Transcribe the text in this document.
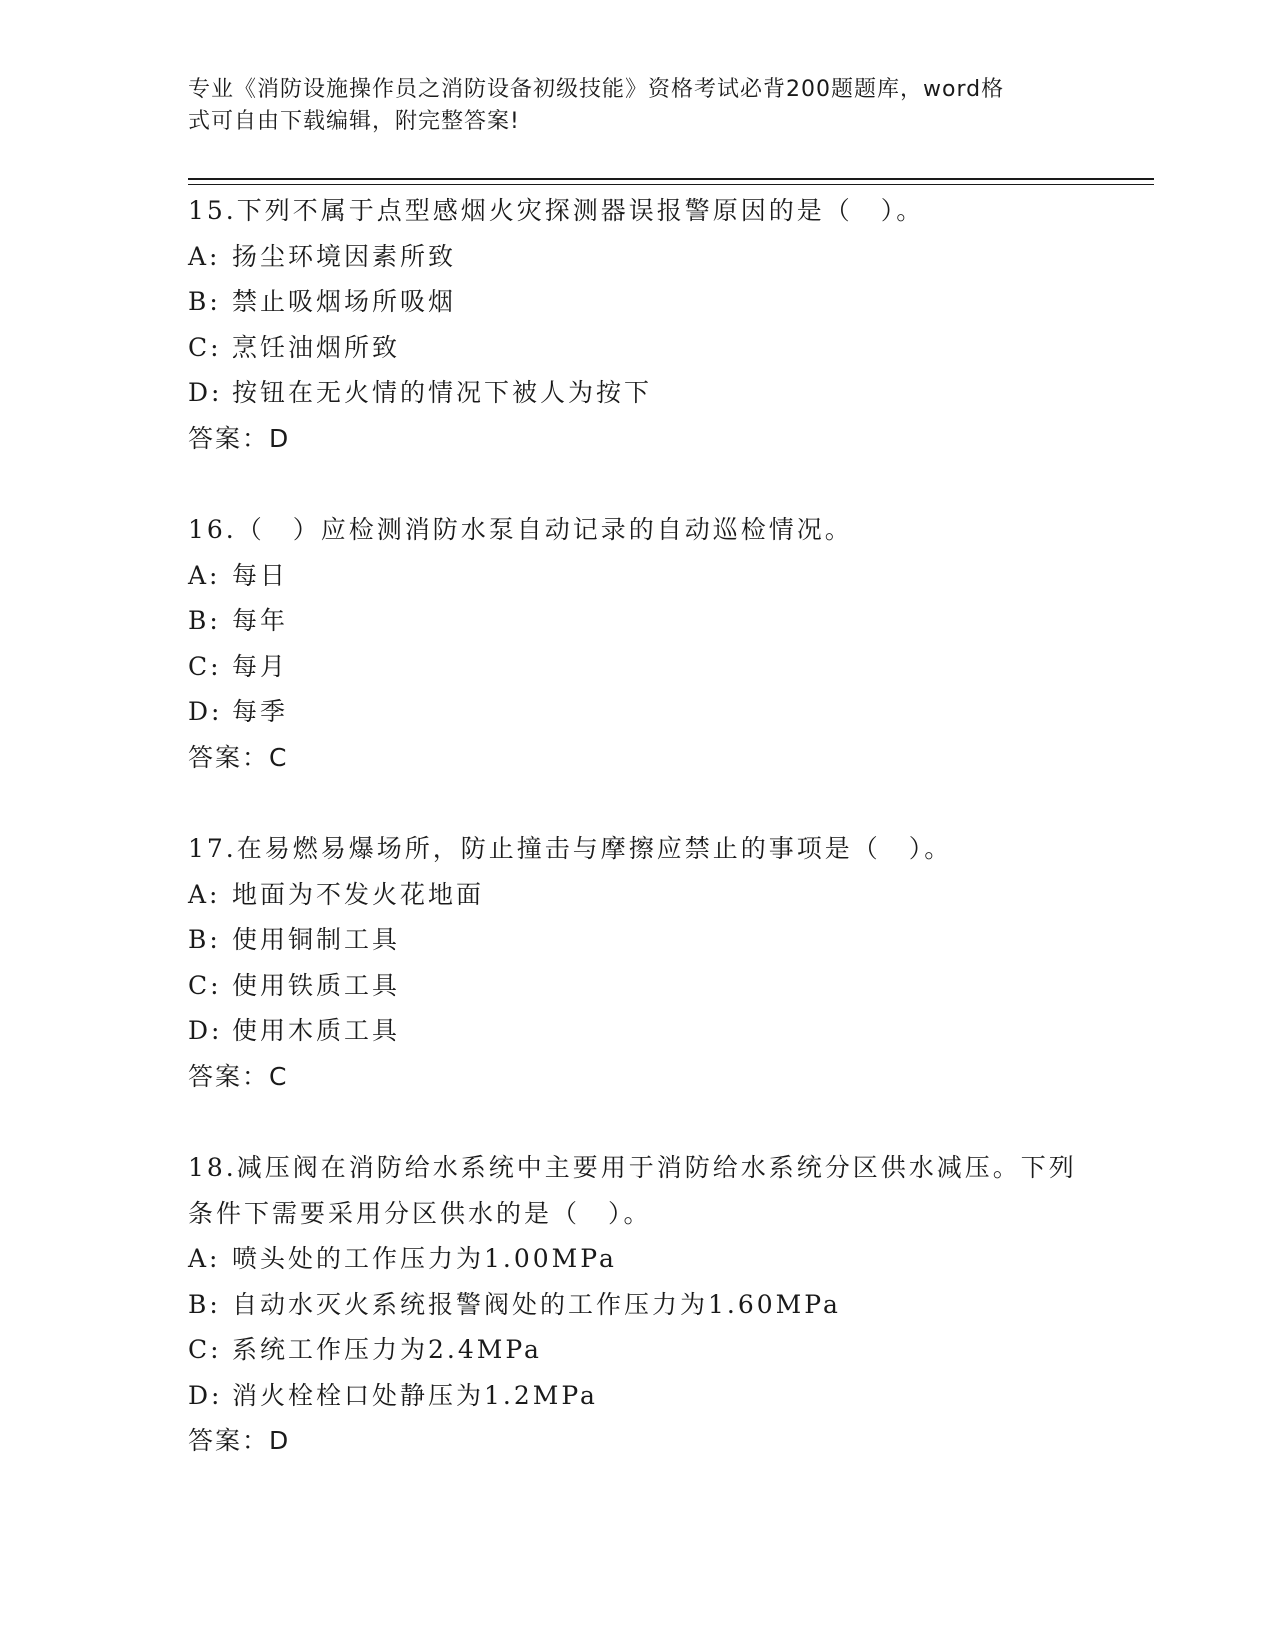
专业《消防设施操作员之消防设备初级技能》资格考试必背200题题库，word格
式可自由下载编辑，附完整答案!

15.下列不属于点型感烟火灾探测器误报警原因的是（　）。

A: 扬尘环境因素所致

B: 禁止吸烟场所吸烟

C: 烹饪油烟所致

D: 按钮在无火情的情况下被人为按下

答案：D

16.（　）应检测消防水泵自动记录的自动巡检情况。

A: 每日

B: 每年

C: 每月

D: 每季

答案：C

17.在易燃易爆场所，防止撞击与摩擦应禁止的事项是（　）。

A: 地面为不发火花地面

B: 使用铜制工具

C: 使用铁质工具

D: 使用木质工具

答案：C

18.减压阀在消防给水系统中主要用于消防给水系统分区供水减压。下列条件下需要采用分区供水的是（　）。

A: 喷头处的工作压力为1.00MPa

B: 自动水灭火系统报警阀处的工作压力为1.60MPa

C: 系统工作压力为2.4MPa

D: 消火栓栓口处静压为1.2MPa

答案：D
